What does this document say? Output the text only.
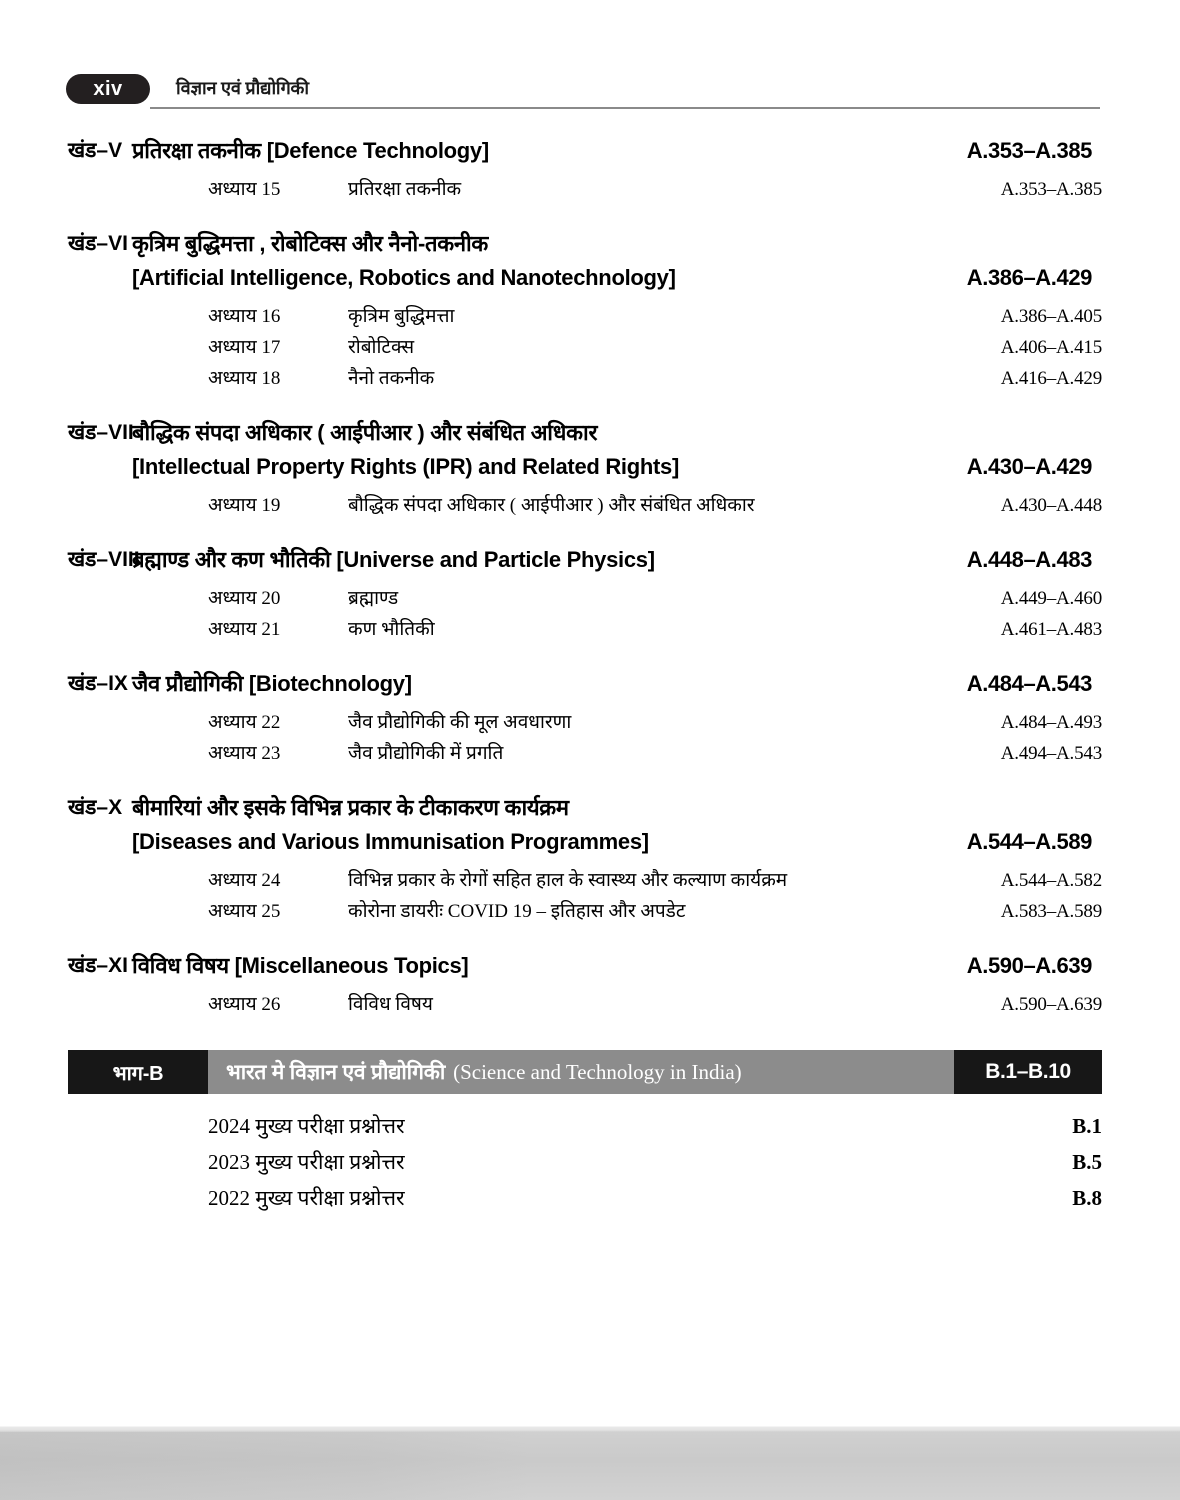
xiv	विज्ञान एवं प्रौद्योगिकी
खंड–V प्रतिरक्षा तकनीक [Defence Technology]	A.353–A.385
अध्याय 15	प्रतिरक्षा तकनीक	A.353–A.385
खंड–VI कृत्रिम बुद्धिमत्ता , रोबोटिक्स और नैनो-तकनीक
[Artificial Intelligence, Robotics and Nanotechnology]	A.386–A.429
अध्याय 16	कृत्रिम बुद्धिमत्ता	A.386–A.405
अध्याय 17	रोबोटिक्स	A.406–A.415
अध्याय 18	नैनो तकनीक	A.416–A.429
खंड–VII
बौद्धिक संपदा अधिकार ( आईपीआर ) और संबंधित अधिकार
[Intellectual Property Rights (IPR) and Related Rights]	A.430–A.429
अध्याय 19	बौद्धिक संपदा अधिकार ( आईपीआर ) और संबंधित अधिकार	A.430–A.448
खंड–VIII
ब्रह्माण्ड और कण भौतिकी [Universe and Particle Physics]	A.448–A.483
अध्याय 20	ब्रह्माण्ड	A.449–A.460
अध्याय 21	कण भौतिकी	A.461–A.483
खंड–IX जैव प्रौद्योगिकी [Biotechnology]	A.484–A.543
अध्याय 22	जैव प्रौद्योगिकी की मूल अवधारणा	A.484–A.493
अध्याय 23	जैव प्रौद्योगिकी में प्रगति	A.494–A.543
खंड–X बीमारियां और इसके विभिन्न प्रकार के टीकाकरण कार्यक्रम
[Diseases and Various Immunisation Programmes]	A.544–A.589
अध्याय 24	विभिन्न प्रकार के रोगों सहित हाल के स्वास्थ्य और कल्याण कार्यक्रम	A.544–A.582
अध्याय 25	कोरोना डायरीः COVID 19 – इतिहास और अपडेट	A.583–A.589
खंड–XI विविध विषय [Miscellaneous Topics]	A.590–A.639
अध्याय 26	विविध विषय	A.590–A.639
भाग-B	भारत मे विज्ञान एवं प्रौद्योगिकी (Science and Technology in India)	B.1–B.10
2024 मुख्य परीक्षा प्रश्नोत्तर	B.1
2023 मुख्य परीक्षा प्रश्नोत्तर	B.5
2022 मुख्य परीक्षा प्रश्नोत्तर	B.8
